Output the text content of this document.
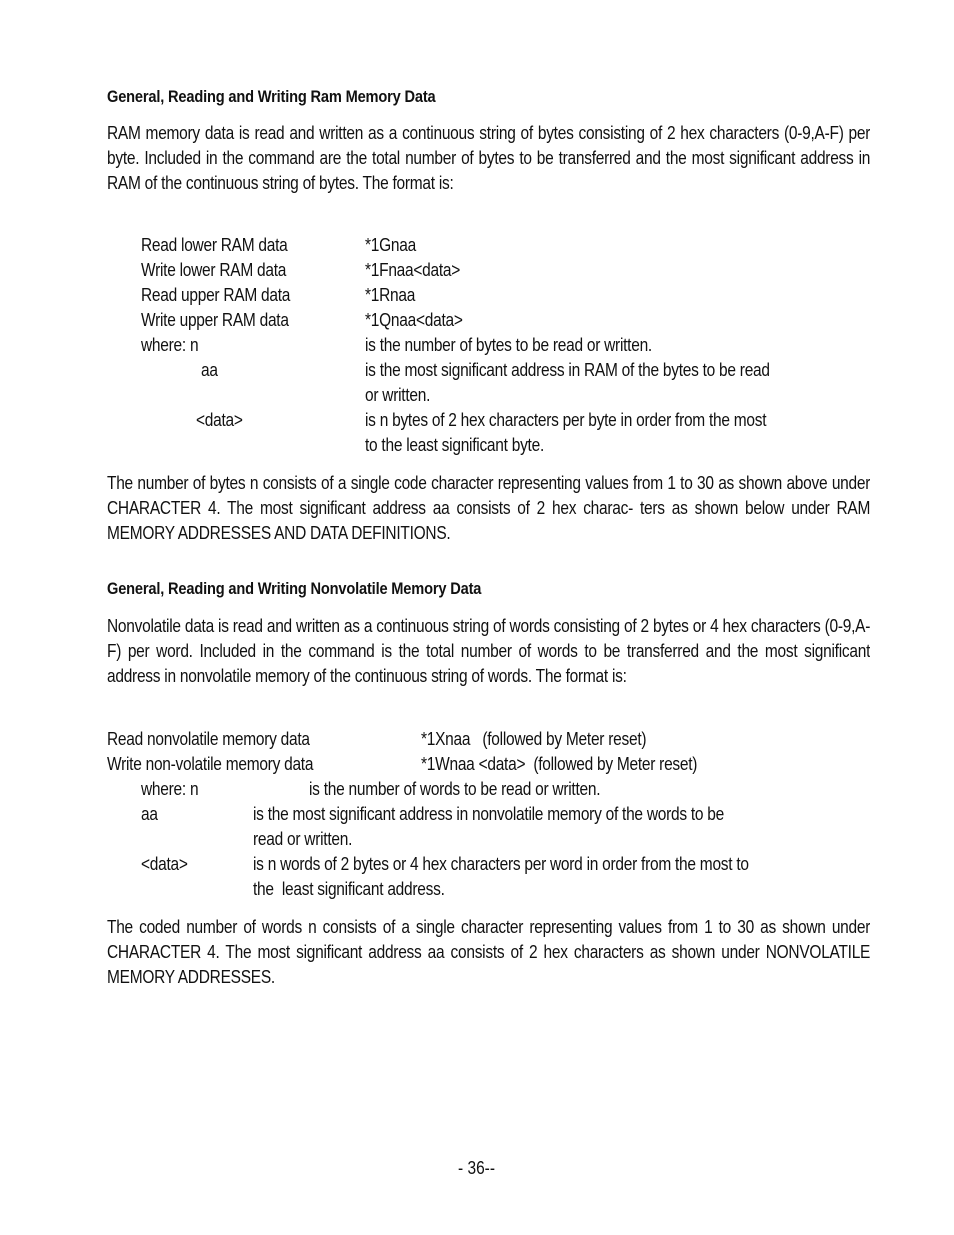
General, Reading and Writing Ram Memory Data

RAM memory data is read and written as a continuous string of bytes consisting of 2 hex characters (0-9,A-F) per byte. Included in the command are the total number of bytes to be transferred and the most significant address in RAM of the continuous string of bytes. The format is:

Read lower RAM data	*1Gnaa
Write lower RAM data	*1Fnaa<data>
Read upper RAM data	*1Rnaa
Write upper RAM data	*1Qnaa<data>
where: n	is the number of bytes to be read or written.
aa	is the most significant address in RAM of the bytes to be read
or written.
<data>	is n bytes of 2 hex characters per byte in order from the most
to the least significant byte.

The number of bytes n consists of a single code character representing values from 1 to 30 as shown above under CHARACTER 4. The most significant address aa consists of 2 hex charac- ters as shown below under RAM MEMORY ADDRESSES AND DATA DEFINITIONS.

General, Reading and Writing Nonvolatile Memory Data

Nonvolatile data is read and written as a continuous string of words consisting of 2 bytes or 4 hex characters (0-9,A-F) per word. Included in the command is the total number of words to be transferred and the most significant address in nonvolatile memory of the continuous string of words. The format is:

Read nonvolatile memory data	*1Xnaa   (followed by Meter reset)
Write non-volatile memory data	*1Wnaa <data>  (followed by Meter reset)
where: n	is the number of words to be read or written.
aa	is the most significant address in nonvolatile memory of the words to be
read or written.
<data>	is n words of 2 bytes or 4 hex characters per word in order from the most to
the  least significant address.

The coded number of words n consists of a single character representing values from 1 to 30 as shown under CHARACTER 4. The most significant address aa consists of 2 hex characters as shown under NONVOLATILE MEMORY ADDRESSES.

- 36--
